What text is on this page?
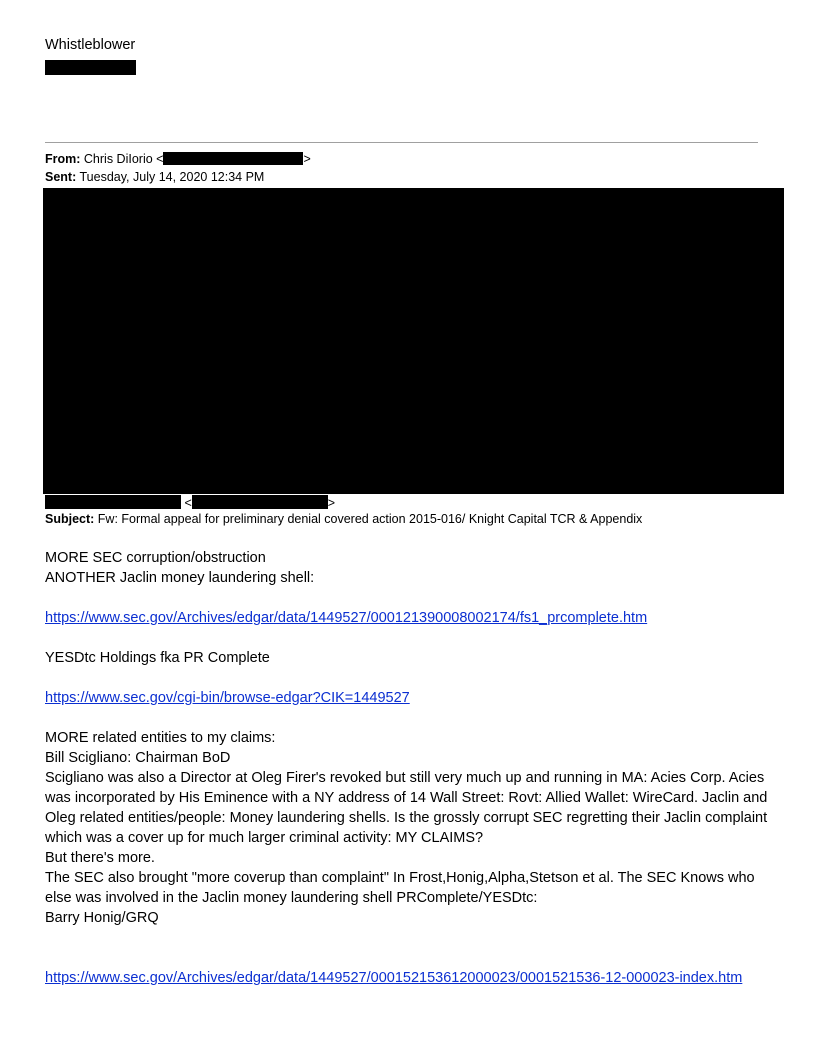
Whistleblower
From: Chris DiIorio <	>
Sent: Tuesday, July 14, 2020 12:34 PM
<	>
Subject: Fw: Formal appeal for preliminary denial covered action 2015-016/ Knight Capital TCR & Appendix
MORE SEC corruption/obstruction
ANOTHER Jaclin money laundering shell:
https://www.sec.gov/Archives/edgar/data/1449527/000121390008002174/fs1_prcomplete.htm
YESDtc Holdings fka PR Complete
https://www.sec.gov/cgi-bin/browse-edgar?CIK=1449527
MORE related entities to my claims:
Bill Scigliano: Chairman BoD
Scigliano was also a Director at Oleg Firer's revoked but still very much up and running in MA: Acies Corp. Acies was incorporated by His Eminence with a NY address of 14 Wall Street: Rovt: Allied Wallet: WireCard. Jaclin and Oleg related entities/people: Money laundering shells. Is the grossly corrupt SEC regretting their Jaclin complaint which was a cover up for much larger criminal activity: MY CLAIMS?
But there's more.
The SEC also brought "more coverup than complaint" In Frost,Honig,Alpha,Stetson et al. The SEC Knows who else was involved in the Jaclin money laundering shell PRComplete/YESDtc:
Barry Honig/GRQ
https://www.sec.gov/Archives/edgar/data/1449527/000152153612000023/0001521536-12-000023-index.htm
